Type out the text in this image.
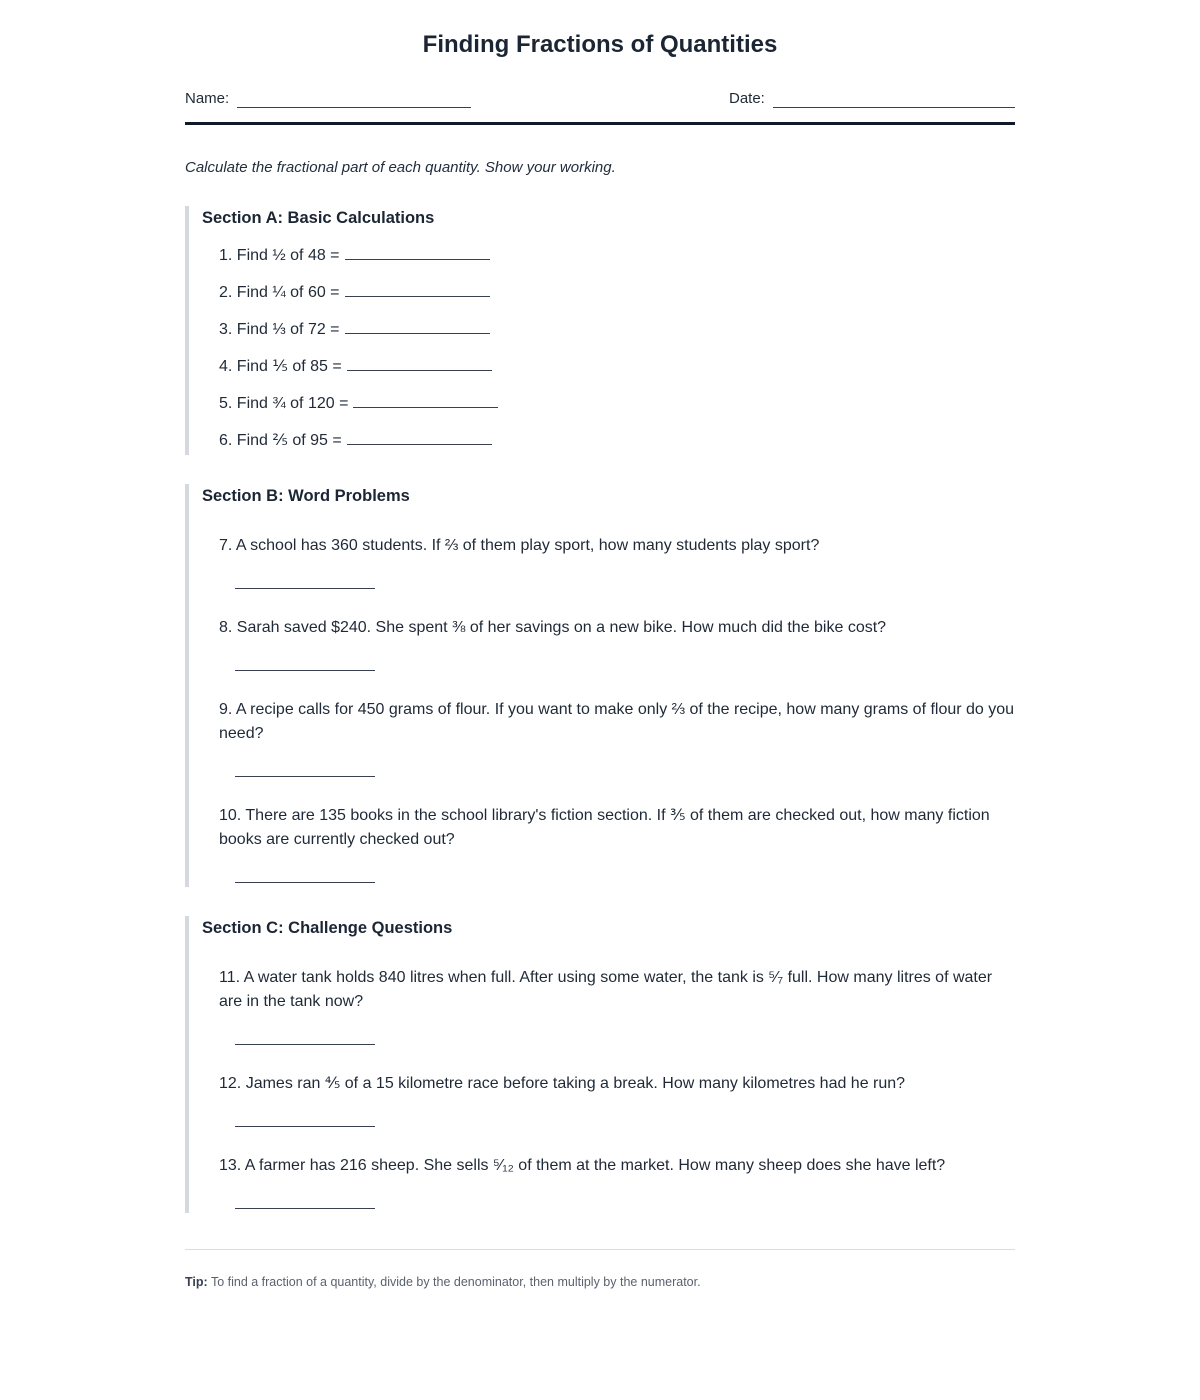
Finding Fractions of Quantities
Name:	Date:

Calculate the fractional part of each quantity. Show your working.

Section A: Basic Calculations
1. Find ½ of 48 =
2. Find ¼ of 60 =
3. Find ⅓ of 72 =
4. Find ⅕ of 85 =
5. Find ¾ of 120 =
6. Find ⅖ of 95 =
Section B: Word Problems
7. A school has 360 students. If ⅔ of them play sport, how many students play sport?
8. Sarah saved $240. She spent ⅜ of her savings on a new bike. How much did the bike cost?
9. A recipe calls for 450 grams of flour. If you want to make only ⅔ of the recipe, how many grams of flour do you need?
10. There are 135 books in the school library's fiction section. If ⅗ of them are checked out, how many fiction books are currently checked out?
Section C: Challenge Questions
11. A water tank holds 840 litres when full. After using some water, the tank is ⁵⁄₇ full. How many litres of water are in the tank now?
12. James ran ⅘ of a 15 kilometre race before taking a break. How many kilometres had he run?
13. A farmer has 216 sheep. She sells ⁵⁄₁₂ of them at the market. How many sheep does she have left?

Tip: To find a fraction of a quantity, divide by the denominator, then multiply by the numerator.
